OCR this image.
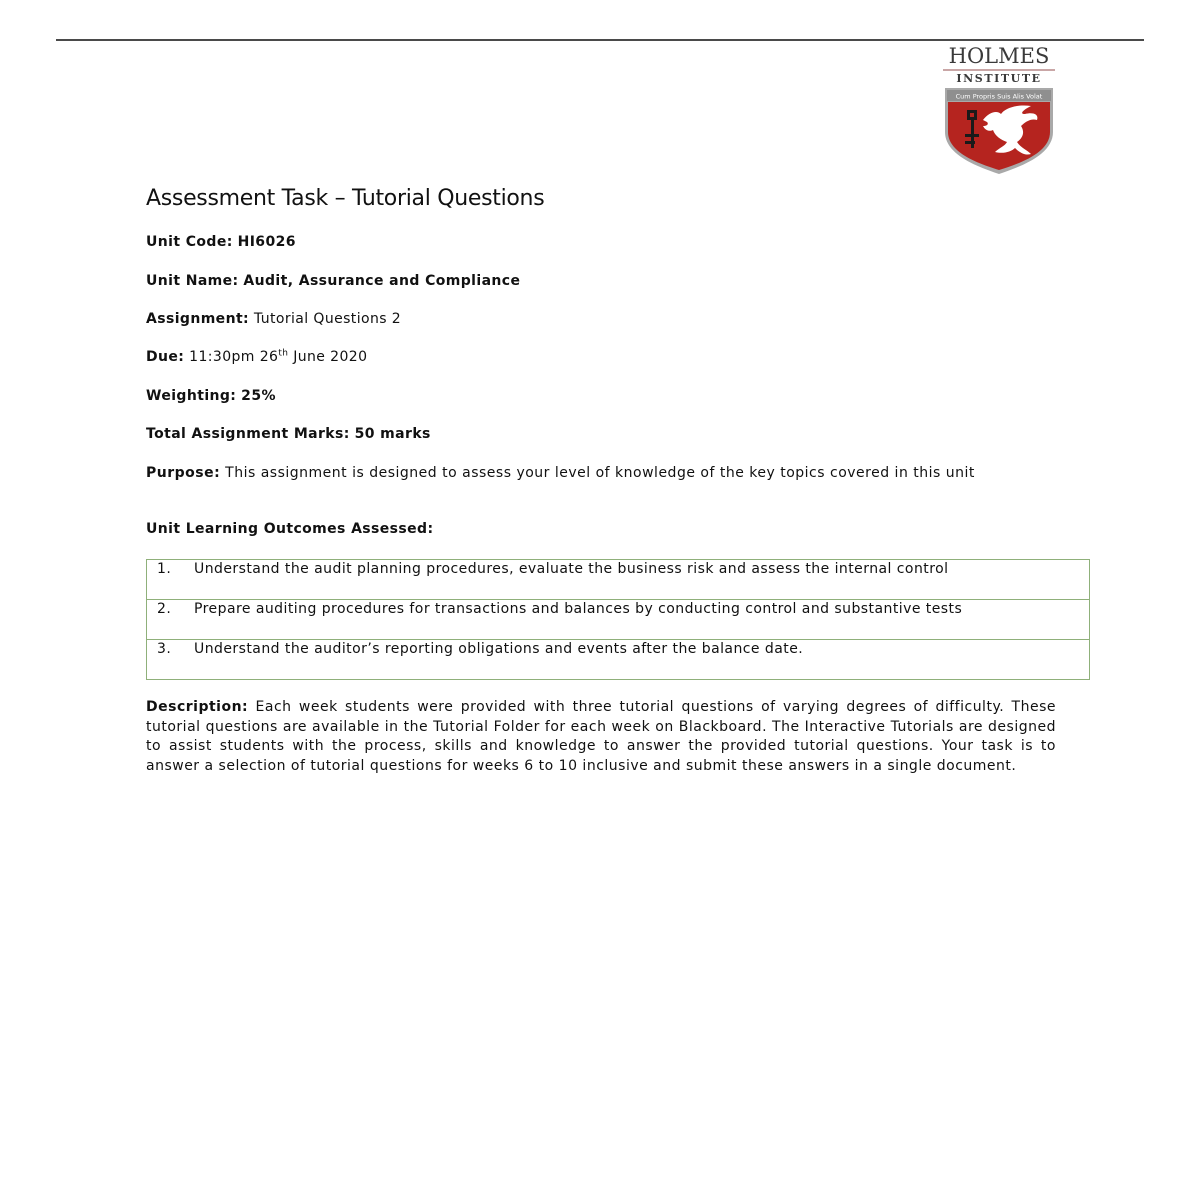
HOLMES
INSTITUTE
Cum Propris Suis Alis Volat
Assessment Task – Tutorial Questions
Unit Code: HI6026
Unit Name: Audit, Assurance and Compliance
Assignment: Tutorial Questions 2
Due: 11:30pm 26th June 2020
Weighting: 25%
Total Assignment Marks: 50 marks
Purpose: This assignment is designed to assess your level of knowledge of the key topics covered in this unit
Unit Learning Outcomes Assessed:
1.	Understand the audit planning procedures, evaluate the business risk and assess the internal control
2.	Prepare auditing procedures for transactions and balances by conducting control and substantive tests
3.	Understand the auditor’s reporting obligations and events after the balance date.
Description: Each week students were provided with three tutorial questions of varying degrees of difficulty. These tutorial questions are available in the Tutorial Folder for each week on Blackboard. The Interactive Tutorials are designed to assist students with the process, skills and knowledge to answer the provided tutorial questions. Your task is to answer a selection of tutorial questions for weeks 6 to 10 inclusive and submit these answers in a single document.
